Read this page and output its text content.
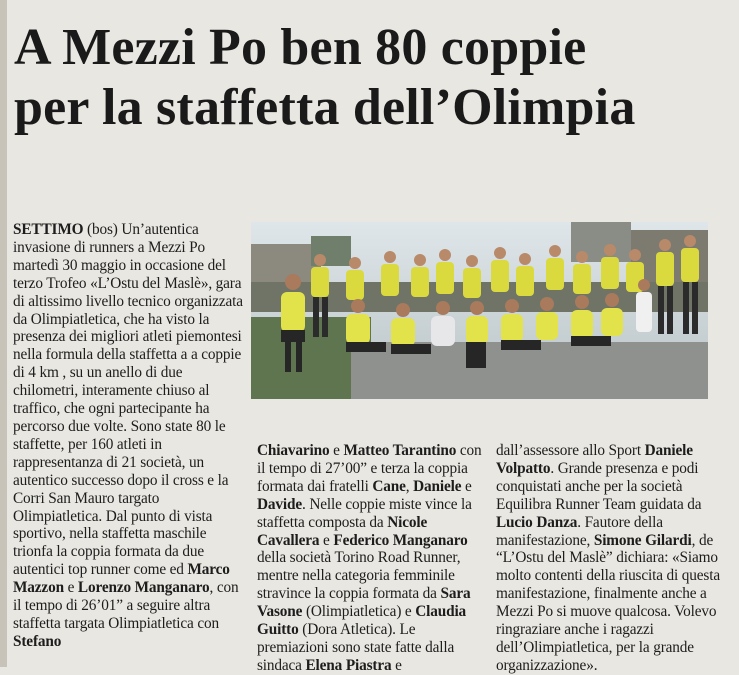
A Mezzi Po ben 80 coppie
per la staffetta dell’Olimpia

SETTIMO (bos) Un’autentica invasione di runners a Mezzi Po martedì 30 maggio in occasione del terzo Trofeo «L’Ostu del Maslè», gara di altissimo livello tecnico organizzata da Olimpiatletica, che ha visto la presenza dei migliori atleti piemontesi nella formula della staffetta a a coppie di 4 km , su un anello di due chilometri, interamente chiuso al traffico, che ogni partecipante ha percorso due volte. Sono state 80 le staffette, per 160 atleti in rappresentanza di 21 società, un autentico successo dopo il cross e la Corri San Mauro targato Olimpiatletica. Dal punto di vista sportivo, nella staffetta maschile trionfa la coppia formata da due autentici top runner come ed Marco Mazzon e Lorenzo Manganaro, con il tempo di 26’01” a seguire altra staffetta targata Olimpiatletica con Stefano

Chiavarino e Matteo Tarantino con il tempo di 27’00” e terza la coppia formata dai fratelli Cane, Daniele e Davide. Nelle coppie miste vince la staffetta composta da Nicole Cavallera e Federico Manganaro della società Torino Road Runner, mentre nella categoria femminile stravince la coppia formata da Sara Vasone (Olimpiatletica) e Claudia Guitto (Dora Atletica). Le premiazioni sono state fatte dalla sindaca Elena Piastra e

dall’assessore allo Sport Daniele Volpatto. Grande presenza e podi conquistati anche per la società Equilibra Runner Team guidata da Lucio Danza. Fautore della manifestazione, Simone Gilardi, de “L’Ostu del Maslè” dichiara: «Siamo molto contenti della riuscita di questa manifestazione, finalmente anche a Mezzi Po si muove qualcosa. Volevo ringraziare anche i ragazzi dell’Olimpiatletica, per la grande organizzazione».
